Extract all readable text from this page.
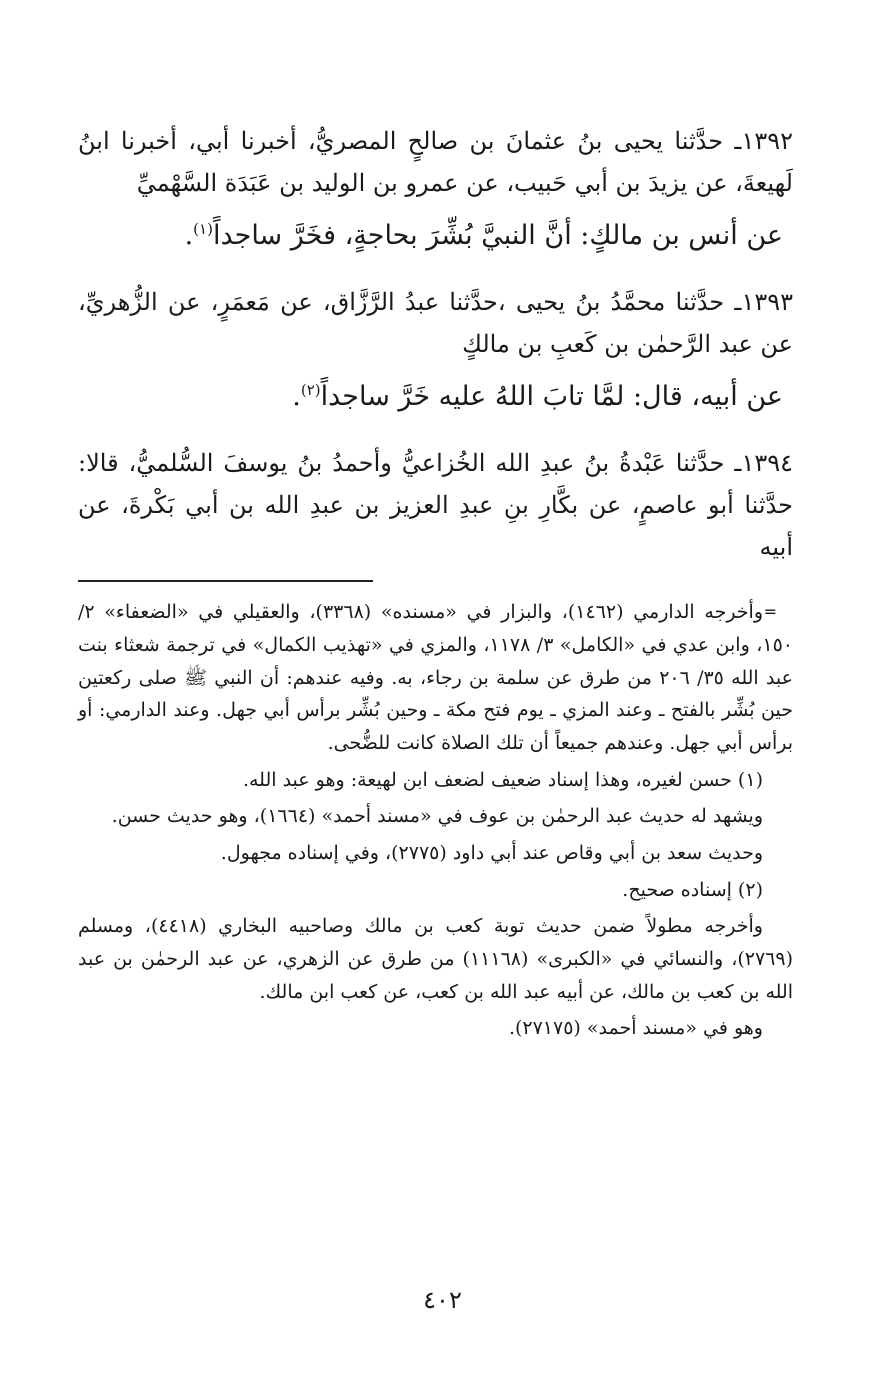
١٣٩٢ـ حدَّثنا يحيى بنُ عثمانَ بن صالحٍ المصريُّ، أخبرنا أبي، أخبرنا ابنُ لَهيعةَ، عن يزيدَ بن أبي حَبيب، عن عمرو بن الوليد بن عَبَدَة السَّهْميِّ

عن أنس بن مالكٍ: أنَّ النبيَّ بُشِّرَ بحاجةٍ، فخَرَّ ساجداً$^{(١)}$.

١٣٩٣ـ حدَّثنا محمَّدُ بنُ يحيى ،حدَّثنا عبدُ الرَّزَّاق، عن مَعمَرٍ، عن الزُّهريِّ، عن عبد الرَّحمٰن بن كَعبِ بن مالكٍ

عن أبيه، قال: لمَّا تابَ اللهُ عليه خَرَّ ساجداً$^{(٢)}$.

١٣٩٤ـ حدَّثنا عَبْدةُ بنُ عبدِ الله الخُزاعيُّ وأحمدُ بنُ يوسفَ السُّلميُّ، قالا: حدَّثنا أبو عاصمٍ، عن بكَّارِ بنِ عبدِ العزيز بن عبدِ الله بن أبي بَكْرةَ، عن أبيه

=
وأخرجه الدارمي (١٤٦٢)، والبزار في «مسنده» (٣٣٦٨)، والعقيلي في «الضعفاء» ٢/ ١٥٠، وابن عدي في «الكامل» ٣/ ١١٧٨، والمزي في «تهذيب الكمال» في ترجمة شعثاء بنت عبد الله ٣٥/ ٢٠٦ من طرق عن سلمة بن رجاء، به. وفيه عندهم: أن النبي ﷺ صلى ركعتين حين بُشِّر بالفتح ـ وعند المزي ـ يوم فتح مكة ـ وحين بُشِّر برأس أبي جهل. وعند الدارمي: أو برأس أبي جهل. وعندهم جميعاً أن تلك الصلاة كانت للضُّحى.

(١) حسن لغيره، وهذا إسناد ضعيف لضعف ابن لهيعة: وهو عبد الله.

ويشهد له حديث عبد الرحمٰن بن عوف في «مسند أحمد» (١٦٦٤)، وهو حديث حسن.

وحديث سعد بن أبي وقاص عند أبي داود (٢٧٧٥)، وفي إسناده مجهول.

(٢) إسناده صحيح.

وأخرجه مطولاً ضمن حديث توبة كعب بن مالك وصاحبيه البخاري (٤٤١٨)، ومسلم (٢٧٦٩)، والنسائي في «الكبرى» (١١١٦٨) من طرق عن الزهري، عن عبد الرحمٰن بن عبد الله بن كعب بن مالك، عن أبيه عبد الله بن كعب، عن كعب ابن مالك.

وهو في «مسند أحمد» (٢٧١٧٥).

٤٠٢
